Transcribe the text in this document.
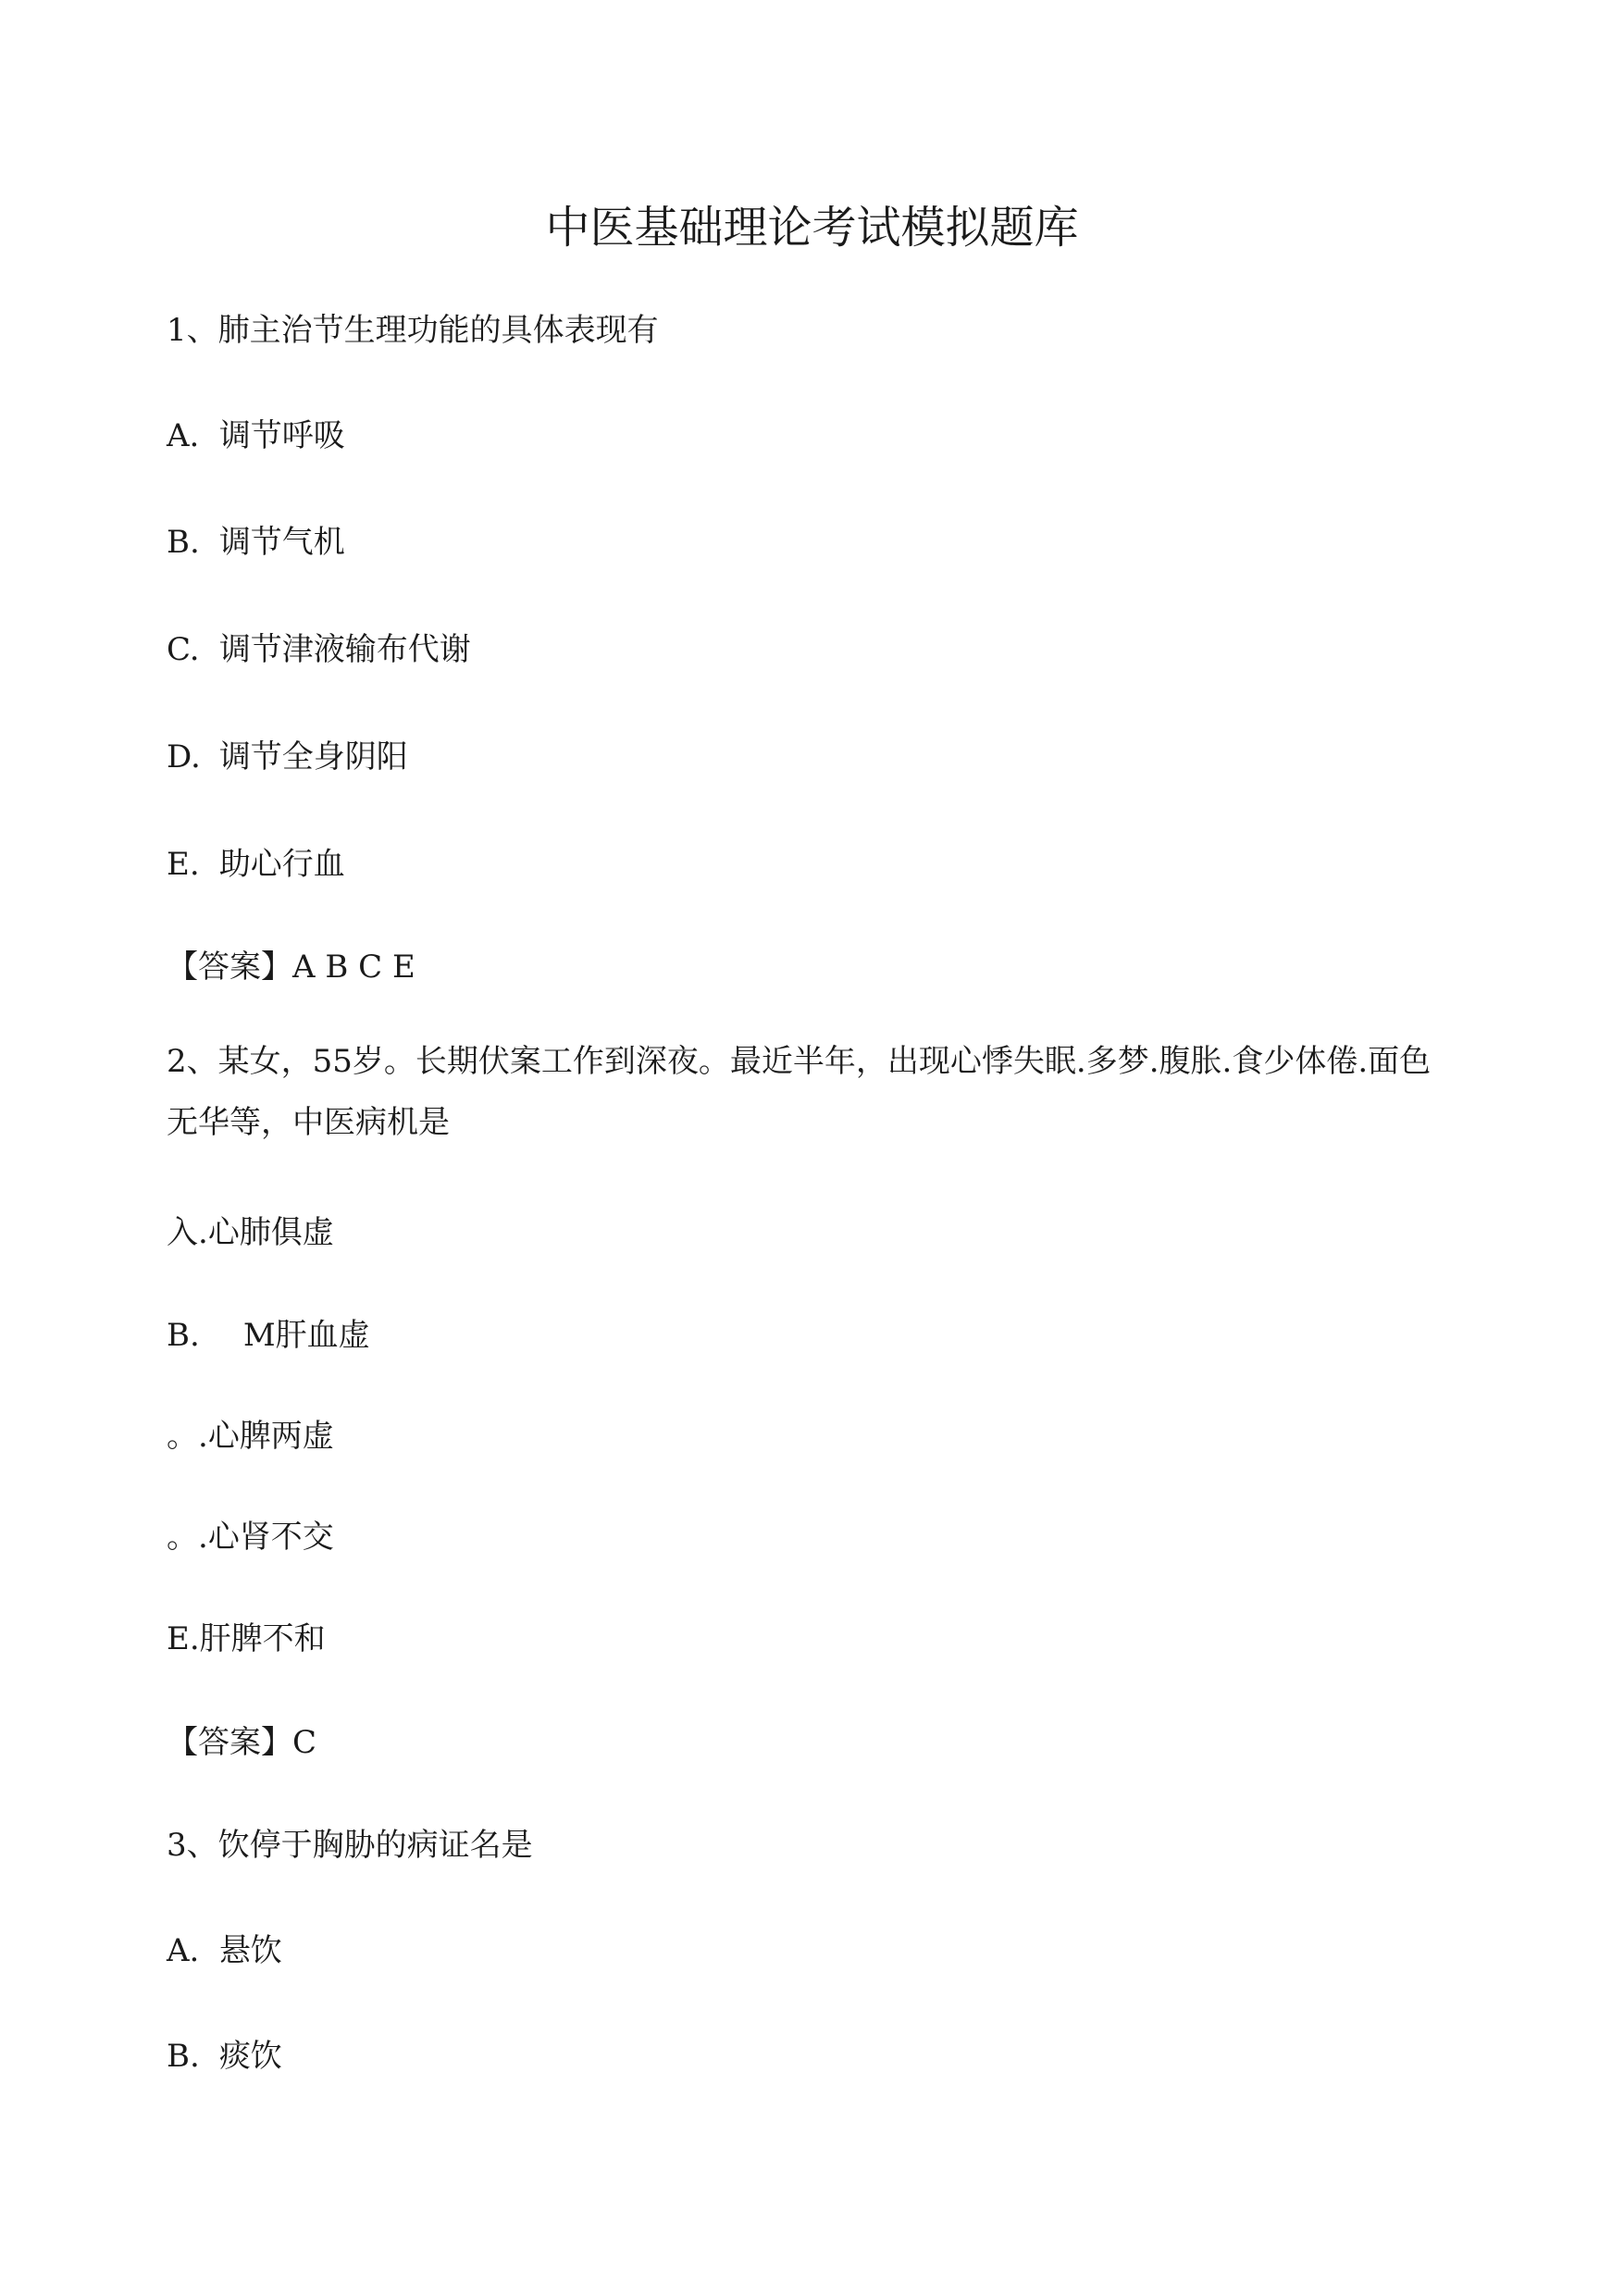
中医基础理论考试模拟题库
1、肺主治节生理功能的具体表现有
A. 调节呼吸
B. 调节气机
C. 调节津液输布代谢
D. 调节全身阴阳
E. 助心行血
【答案】A B C E
2、某女，55岁。长期伏案工作到深夜。最近半年，出现心悸失眠.多梦.腹胀.食少体倦.面色无华等，中医病机是
入.心肺俱虚
B. M肝血虚
。.心脾两虚
。.心肾不交
E.肝脾不和
【答案】C
3、饮停于胸胁的病证名是
A. 悬饮
B. 痰饮
